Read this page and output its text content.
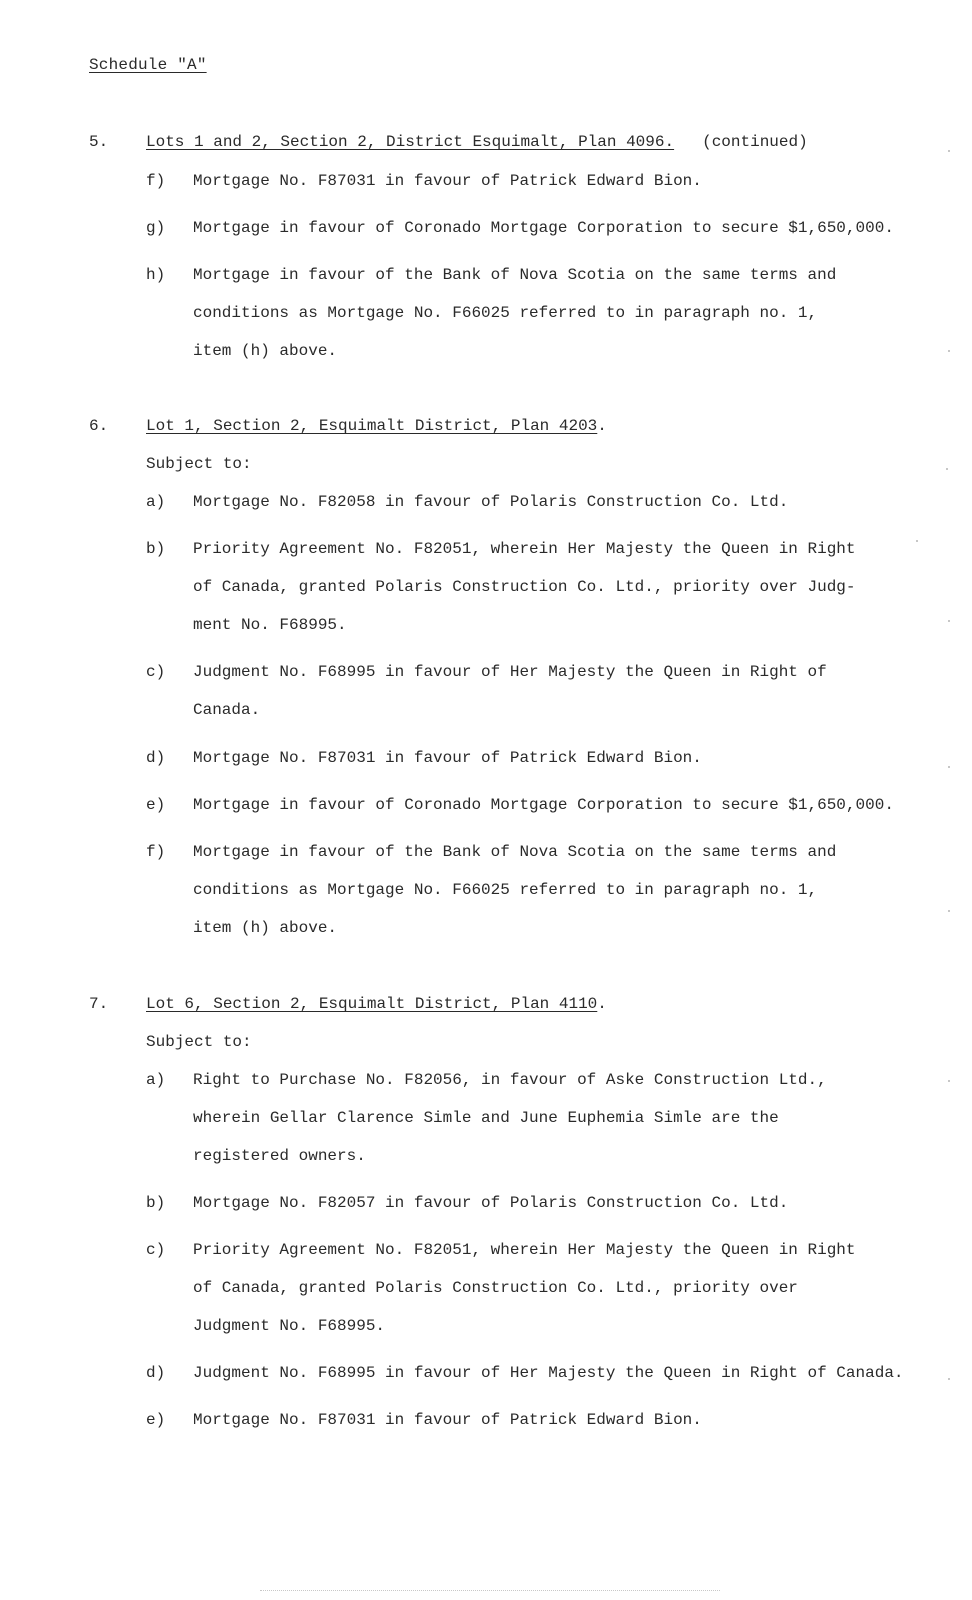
Schedule "A"
5. Lots 1 and 2, Section 2, District Esquimalt, Plan 4096. (continued)
f) Mortgage No. F87031 in favour of Patrick Edward Bion.
g) Mortgage in favour of Coronado Mortgage Corporation to secure $1,650,000.
h) Mortgage in favour of the Bank of Nova Scotia on the same terms and
conditions as Mortgage No. F66025 referred to in paragraph no. 1,
item (h) above.
6. Lot 1, Section 2, Esquimalt District, Plan 4203.
Subject to:
a) Mortgage No. F82058 in favour of Polaris Construction Co. Ltd.
b) Priority Agreement No. F82051, wherein Her Majesty the Queen in Right
of Canada, granted Polaris Construction Co. Ltd., priority over Judg-
ment No. F68995.
c) Judgment No. F68995 in favour of Her Majesty the Queen in Right of
Canada.
d) Mortgage No. F87031 in favour of Patrick Edward Bion.
e) Mortgage in favour of Coronado Mortgage Corporation to secure $1,650,000.
f) Mortgage in favour of the Bank of Nova Scotia on the same terms and
conditions as Mortgage No. F66025 referred to in paragraph no. 1,
item (h) above.
7. Lot 6, Section 2, Esquimalt District, Plan 4110.
Subject to:
a) Right to Purchase No. F82056, in favour of Aske Construction Ltd.,
wherein Gellar Clarence Simle and June Euphemia Simle are the
registered owners.
b) Mortgage No. F82057 in favour of Polaris Construction Co. Ltd.
c) Priority Agreement No. F82051, wherein Her Majesty the Queen in Right
of Canada, granted Polaris Construction Co. Ltd., priority over
Judgment No. F68995.
d) Judgment No. F68995 in favour of Her Majesty the Queen in Right of Canada.
e) Mortgage No. F87031 in favour of Patrick Edward Bion.
